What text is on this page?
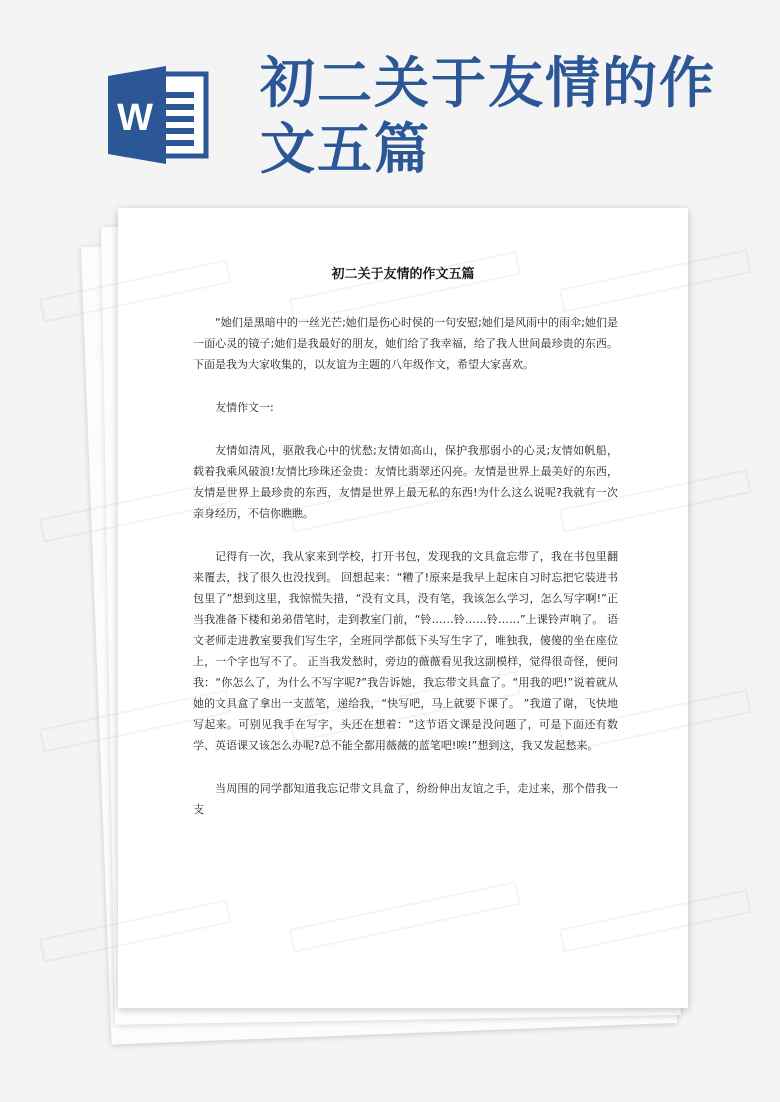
W
初二关于友情的作文五篇
初二关于友情的作文五篇

“她们是黑暗中的一丝光芒;她们是伤心时侯的一句安慰;她们是风雨中的雨伞;她们是一面心灵的镜子;她们是我最好的朋友，她们给了我幸福，给了我人世间最珍贵的东西。下面是我为大家收集的，以友谊为主题的八年级作文，希望大家喜欢。

友情作文一:

友情如清风，驱散我心中的忧愁;友情如高山，保护我那弱小的心灵;友情如帆船，载着我乘风破浪!友情比珍珠还金贵：友情比翡翠还闪亮。友情是世界上最美好的东西，友情是世界上最珍贵的东西，友情是世界上最无私的东西!为什么这么说呢?我就有一次亲身经历，不信你瞧瞧。

记得有一次，我从家来到学校，打开书包，发现我的文具盒忘带了，我在书包里翻来覆去，找了很久也没找到。 回想起来：“糟了!原来是我早上起床自习时忘把它装进书包里了”想到这里，我惊慌失措，“没有文具，没有笔，我该怎么学习，怎么写字啊!”正当我准备下楼和弟弟借笔时，走到教室门前，“铃……铃……铃……”上课铃声响了。 语文老师走进教室要我们写生字，全班同学都低下头写生字了，唯独我，傻傻的坐在座位上，一个字也写不了。 正当我发愁时，旁边的薇薇看见我这副模样，觉得很奇怪，便问我：“你怎么了，为什么不写字呢?”我告诉她，我忘带文具盒了。“用我的吧!”说着就从她的文具盒了拿出一支蓝笔，递给我，“快写吧，马上就要下课了。 ”我道了谢，飞快地写起来。可别见我手在写字，头还在想着：“这节语文课是没问题了，可是下面还有数学、英语课又该怎么办呢?总不能全都用薇薇的蓝笔吧!唉!”想到这，我又发起愁来。

当周围的同学都知道我忘记带文具盒了，纷纷伸出友谊之手，走过来，那个借我一支
